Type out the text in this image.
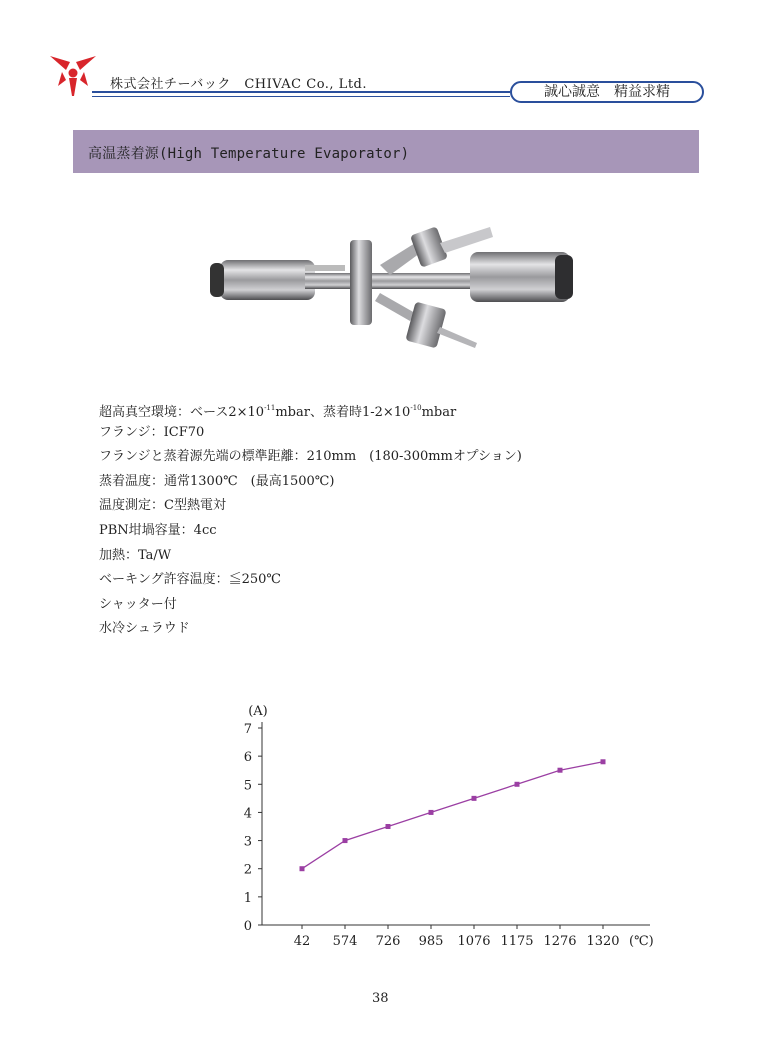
株式会社チーバック　CHIVAC Co., Ltd.	誠心誠意　精益求精
高温蒸着源(High Temperature Evaporator)
超高真空環境：ベース$2\times 10^{-11}mbar$、蒸着時$1-2\times 10^{-10}mbar$
フランジ：ICF70
フランジと蒸着源先端の標準距離：210mm　(180-300mmオプション)
蒸着温度：通常1300℃　(最高1500℃)
温度測定：C型熱電対
PBN坩堝容量：4cc
加熱：Ta/W
ベーキング許容温度：≦250℃
シャッター付
水冷シュラウド
0
1
2
3
4
5
6
7
(A)
42 574 726 985 1076 1175 1276 1320 (℃)
38
